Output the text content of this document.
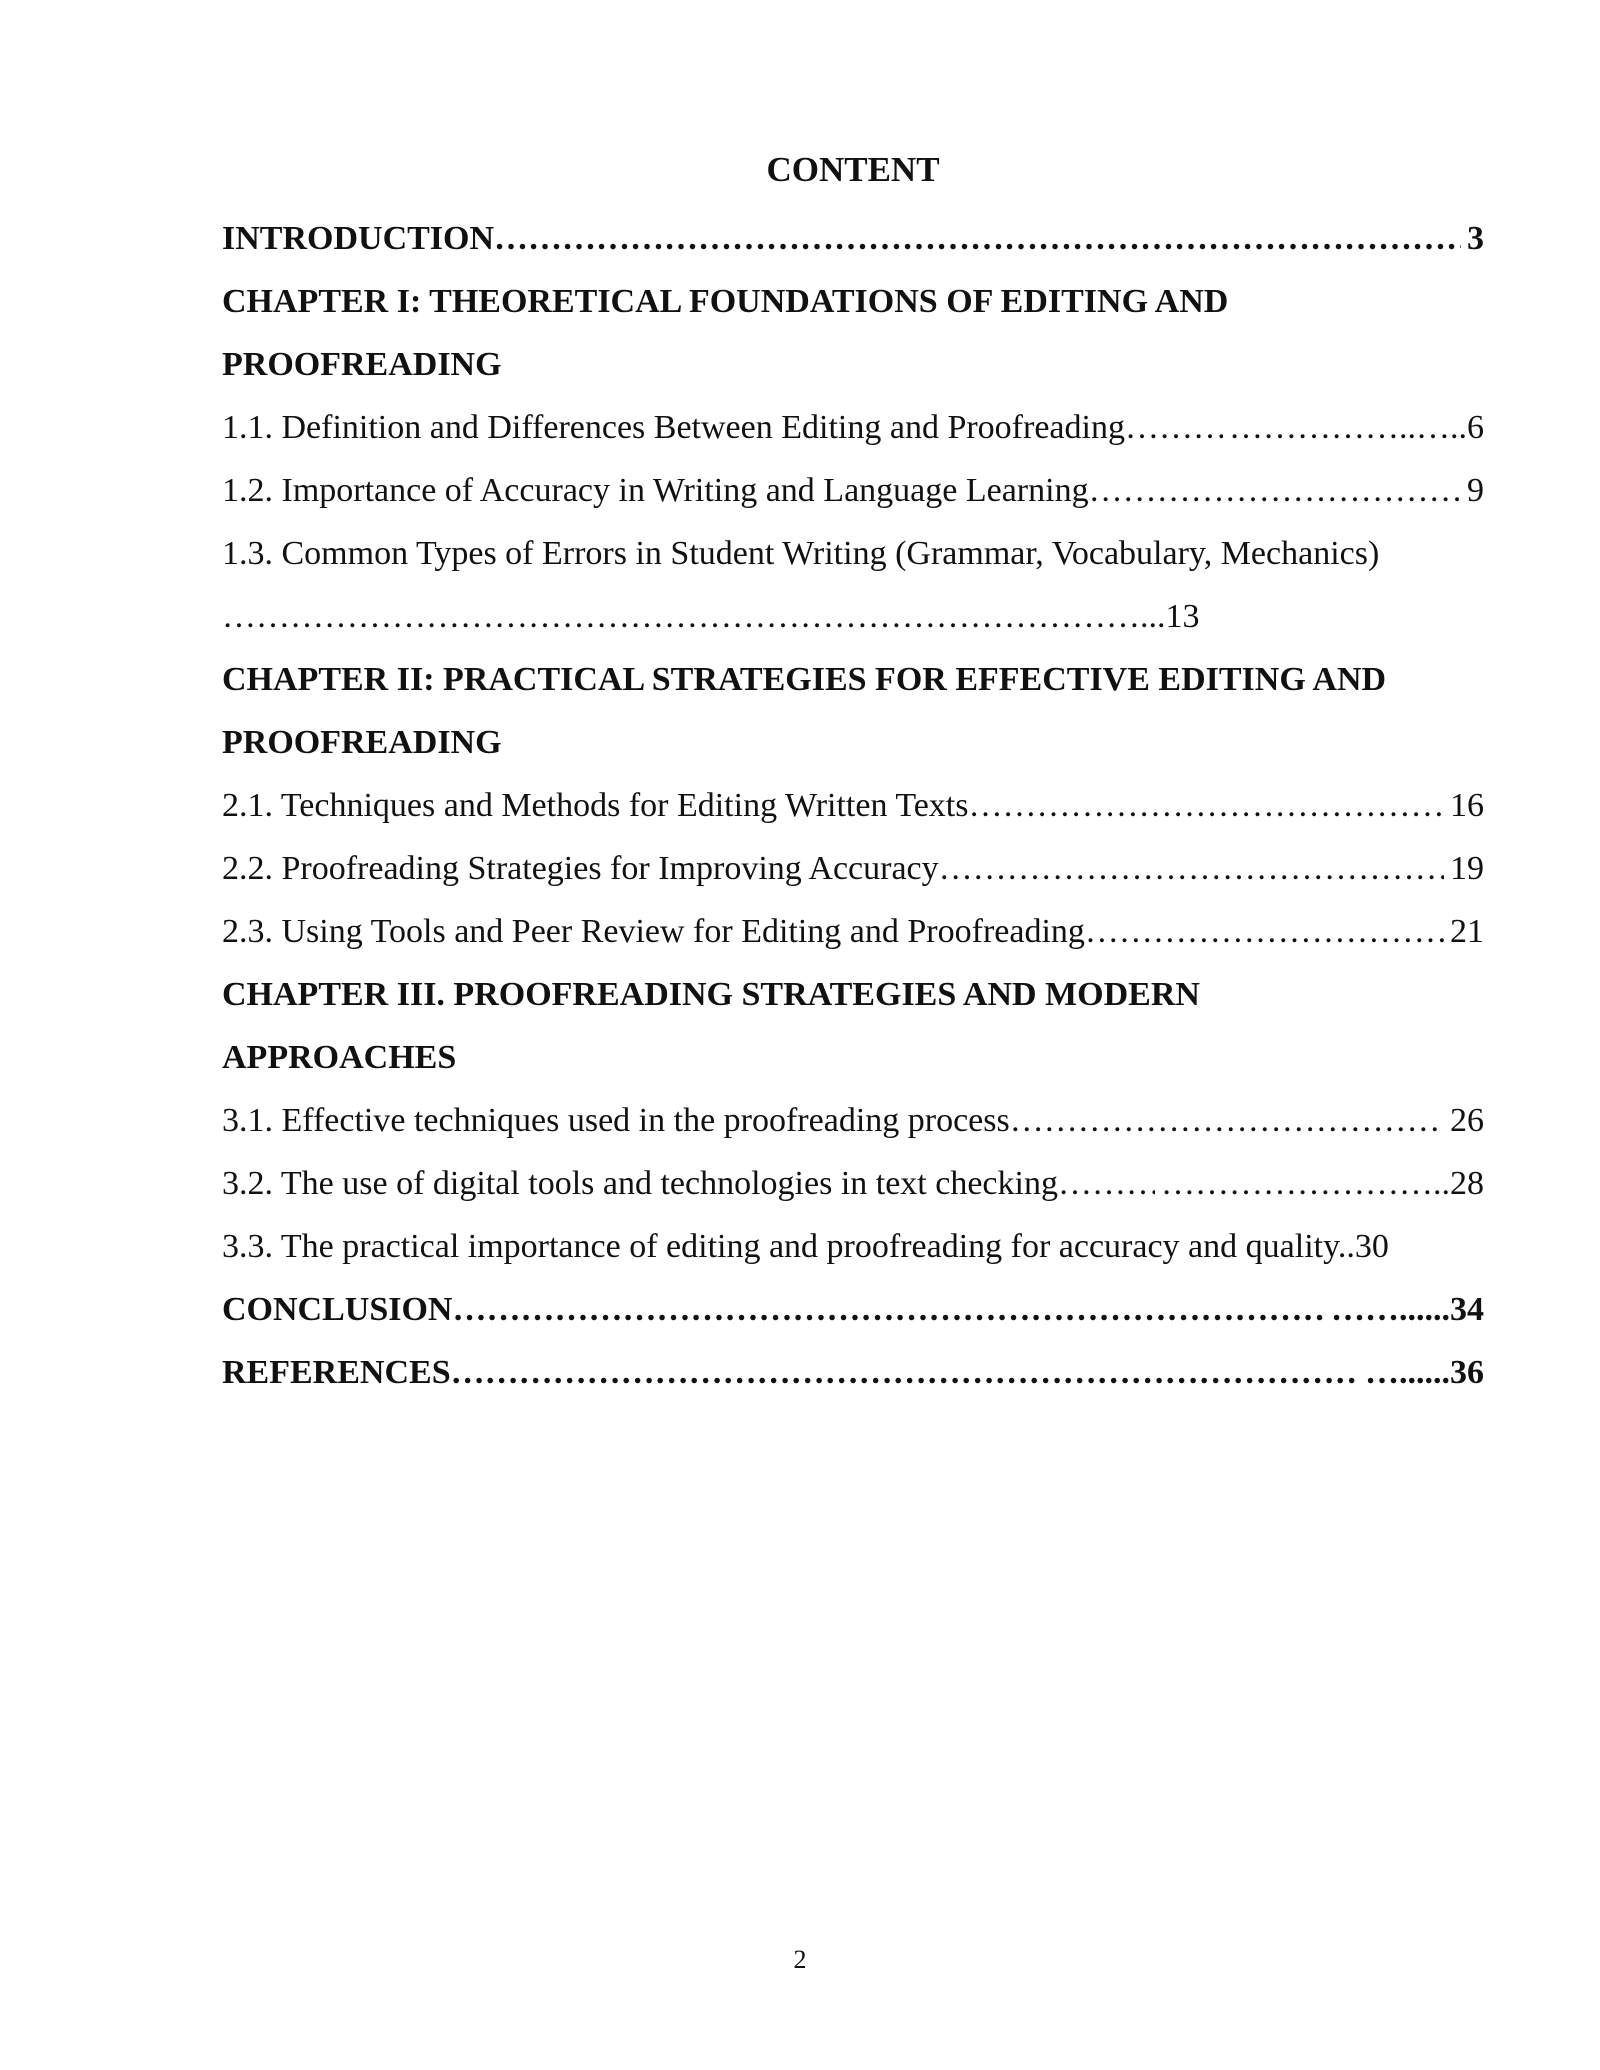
CONTENT
INTRODUCTION …………………………………………………………………………………………………………………………………………………………………………	3
CHAPTER I: THEORETICAL FOUNDATIONS OF EDITING AND
PROOFREADING
1.1. Definition and Differences Between Editing and Proofreading …………………………………………………………………………………………………………………………………………………………………………	……………..…..6
1.2. Importance of Accuracy in Writing and Language Learning …………………………………………………………………………………………………………………………………………………………………………	9
1.3. Common Types of Errors in Student Writing (Grammar, Vocabulary, Mechanics)
………………………………………………………………………...13
CHAPTER II: PRACTICAL STRATEGIES FOR EFFECTIVE EDITING AND
PROOFREADING
2.1. Techniques and Methods for Editing Written Texts …………………………………………………………………………………………………………………………………………………………………………	16
2.2. Proofreading Strategies for Improving Accuracy …………………………………………………………………………………………………………………………………………………………………………	19
2.3. Using Tools and Peer Review for Editing and Proofreading …………………………………………………………………………………………………………………………………………………………………………	21
CHAPTER III. PROOFREADING STRATEGIES AND MODERN
APPROACHES
3.1. Effective techniques used in the proofreading process …………………………………………………………………………………………………………………………………………………………………………	26
3.2. The use of digital tools and technologies in text checking …………………………………………………………………………………………………………………………………………………………………………	……………………..28
3.3. The practical importance of editing and proofreading for accuracy and quality..30
CONCLUSION …………………………………………………………………………………………………………………………………………………………………………	……......34
REFERENCES …………………………………………………………………………………………………………………………………………………………………………	…......36
2
